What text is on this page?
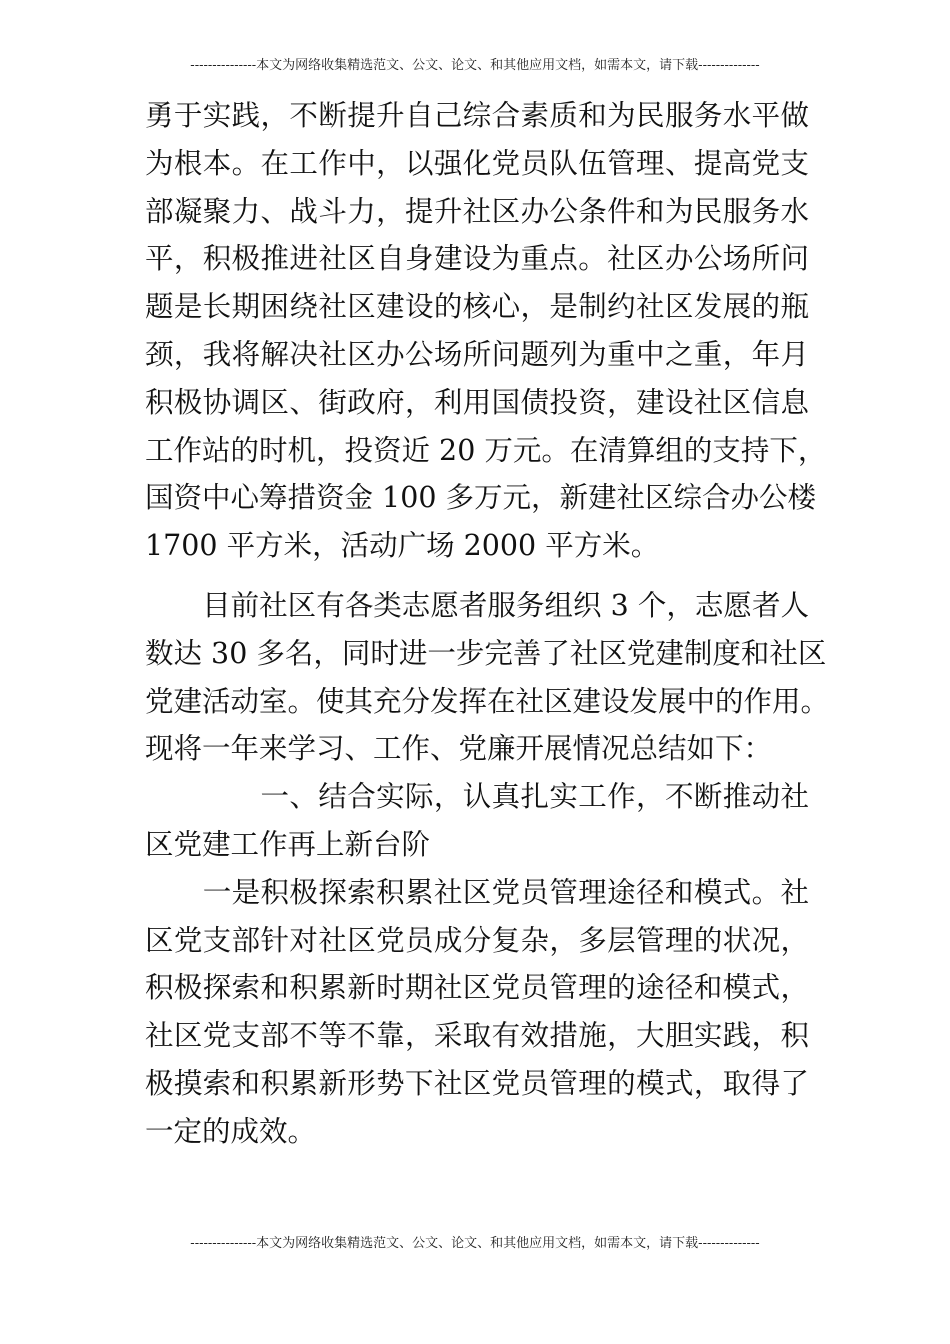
---------------本文为网络收集精选范文、公文、论文、和其他应用文档，如需本文，请下载--------------
勇于实践，不断提升自己综合素质和为民服务水平做
为根本。在工作中，以强化党员队伍管理、提高党支
部凝聚力、战斗力，提升社区办公条件和为民服务水
平，积极推进社区自身建设为重点。社区办公场所问
题是长期困绕社区建设的核心，是制约社区发展的瓶
颈，我将解决社区办公场所问题列为重中之重，年月
积极协调区、街政府，利用国债投资，建设社区信息
工作站的时机，投资近 20 万元。在清算组的支持下，
国资中心筹措资金 100 多万元，新建社区综合办公楼
1700 平方米，活动广场 2000 平方米。
　　目前社区有各类志愿者服务组织 3 个，志愿者人
数达 30 多名，同时进一步完善了社区党建制度和社区
党建活动室。使其充分发挥在社区建设发展中的作用。
现将一年来学习、工作、党廉开展情况总结如下：
　　　　一、结合实际，认真扎实工作，不断推动社
区党建工作再上新台阶
　　一是积极探索积累社区党员管理途径和模式。社
区党支部针对社区党员成分复杂，多层管理的状况，
积极探索和积累新时期社区党员管理的途径和模式，
社区党支部不等不靠，采取有效措施，大胆实践，积
极摸索和积累新形势下社区党员管理的模式，取得了
一定的成效。
---------------本文为网络收集精选范文、公文、论文、和其他应用文档，如需本文，请下载--------------
